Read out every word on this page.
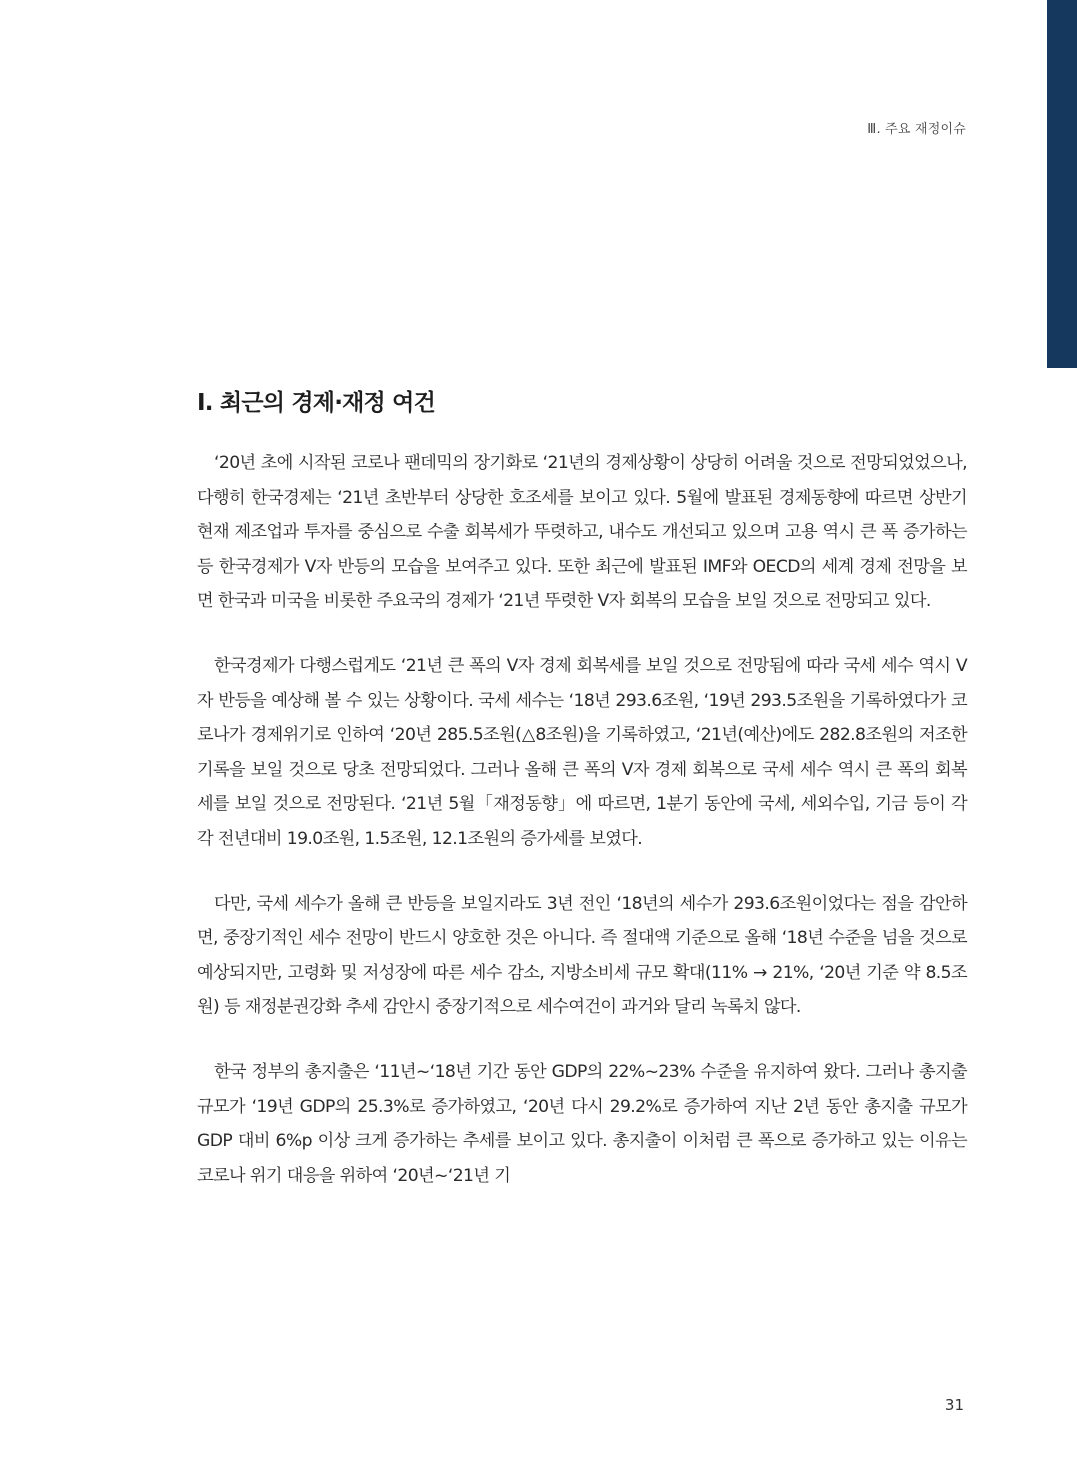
Ⅲ. 주요 재정이슈
I. 최근의 경제·재정 여건

‘20년 초에 시작된 코로나 팬데믹의 장기화로 ‘21년의 경제상황이 상당히 어려울 것으로 전망되었었으나, 다행히 한국경제는 ‘21년 초반부터 상당한 호조세를 보이고 있다. 5월에 발표된 경제동향에 따르면 상반기 현재 제조업과 투자를 중심으로 수출 회복세가 뚜렷하고, 내수도 개선되고 있으며 고용 역시 큰 폭 증가하는 등 한국경제가 V자 반등의 모습을 보여주고 있다. 또한 최근에 발표된 IMF와 OECD의 세계 경제 전망을 보면 한국과 미국을 비롯한 주요국의 경제가 ‘21년 뚜렷한 V자 회복의 모습을 보일 것으로 전망되고 있다.

한국경제가 다행스럽게도 ‘21년 큰 폭의 V자 경제 회복세를 보일 것으로 전망됨에 따라 국세 세수 역시 V자 반등을 예상해 볼 수 있는 상황이다. 국세 세수는 ‘18년 293.6조원, ‘19년 293.5조원을 기록하였다가 코로나가 경제위기로 인하여 ‘20년 285.5조원(△8조원)을 기록하였고, ‘21년(예산)에도 282.8조원의 저조한 기록을 보일 것으로 당초 전망되었다. 그러나 올해 큰 폭의 V자 경제 회복으로 국세 세수 역시 큰 폭의 회복세를 보일 것으로 전망된다. ‘21년 5월「재정동향」에 따르면, 1분기 동안에 국세, 세외수입, 기금 등이 각각 전년대비 19.0조원, 1.5조원, 12.1조원의 증가세를 보였다.

다만, 국세 세수가 올해 큰 반등을 보일지라도 3년 전인 ‘18년의 세수가 293.6조원이었다는 점을 감안하면, 중장기적인 세수 전망이 반드시 양호한 것은 아니다. 즉 절대액 기준으로 올해 ‘18년 수준을 넘을 것으로 예상되지만, 고령화 및 저성장에 따른 세수 감소, 지방소비세 규모 확대(11% → 21%, ‘20년 기준 약 8.5조원) 등 재정분권강화 추세 감안시 중장기적으로 세수여건이 과거와 달리 녹록치 않다.

한국 정부의 총지출은 ‘11년~‘18년 기간 동안 GDP의 22%~23% 수준을 유지하여 왔다. 그러나 총지출 규모가 ‘19년 GDP의 25.3%로 증가하였고, ‘20년 다시 29.2%로 증가하여 지난 2년 동안 총지출 규모가 GDP 대비 6%p 이상 크게 증가하는 추세를 보이고 있다. 총지출이 이처럼 큰 폭으로 증가하고 있는 이유는 코로나 위기 대응을 위하여 ‘20년~‘21년 기

31
